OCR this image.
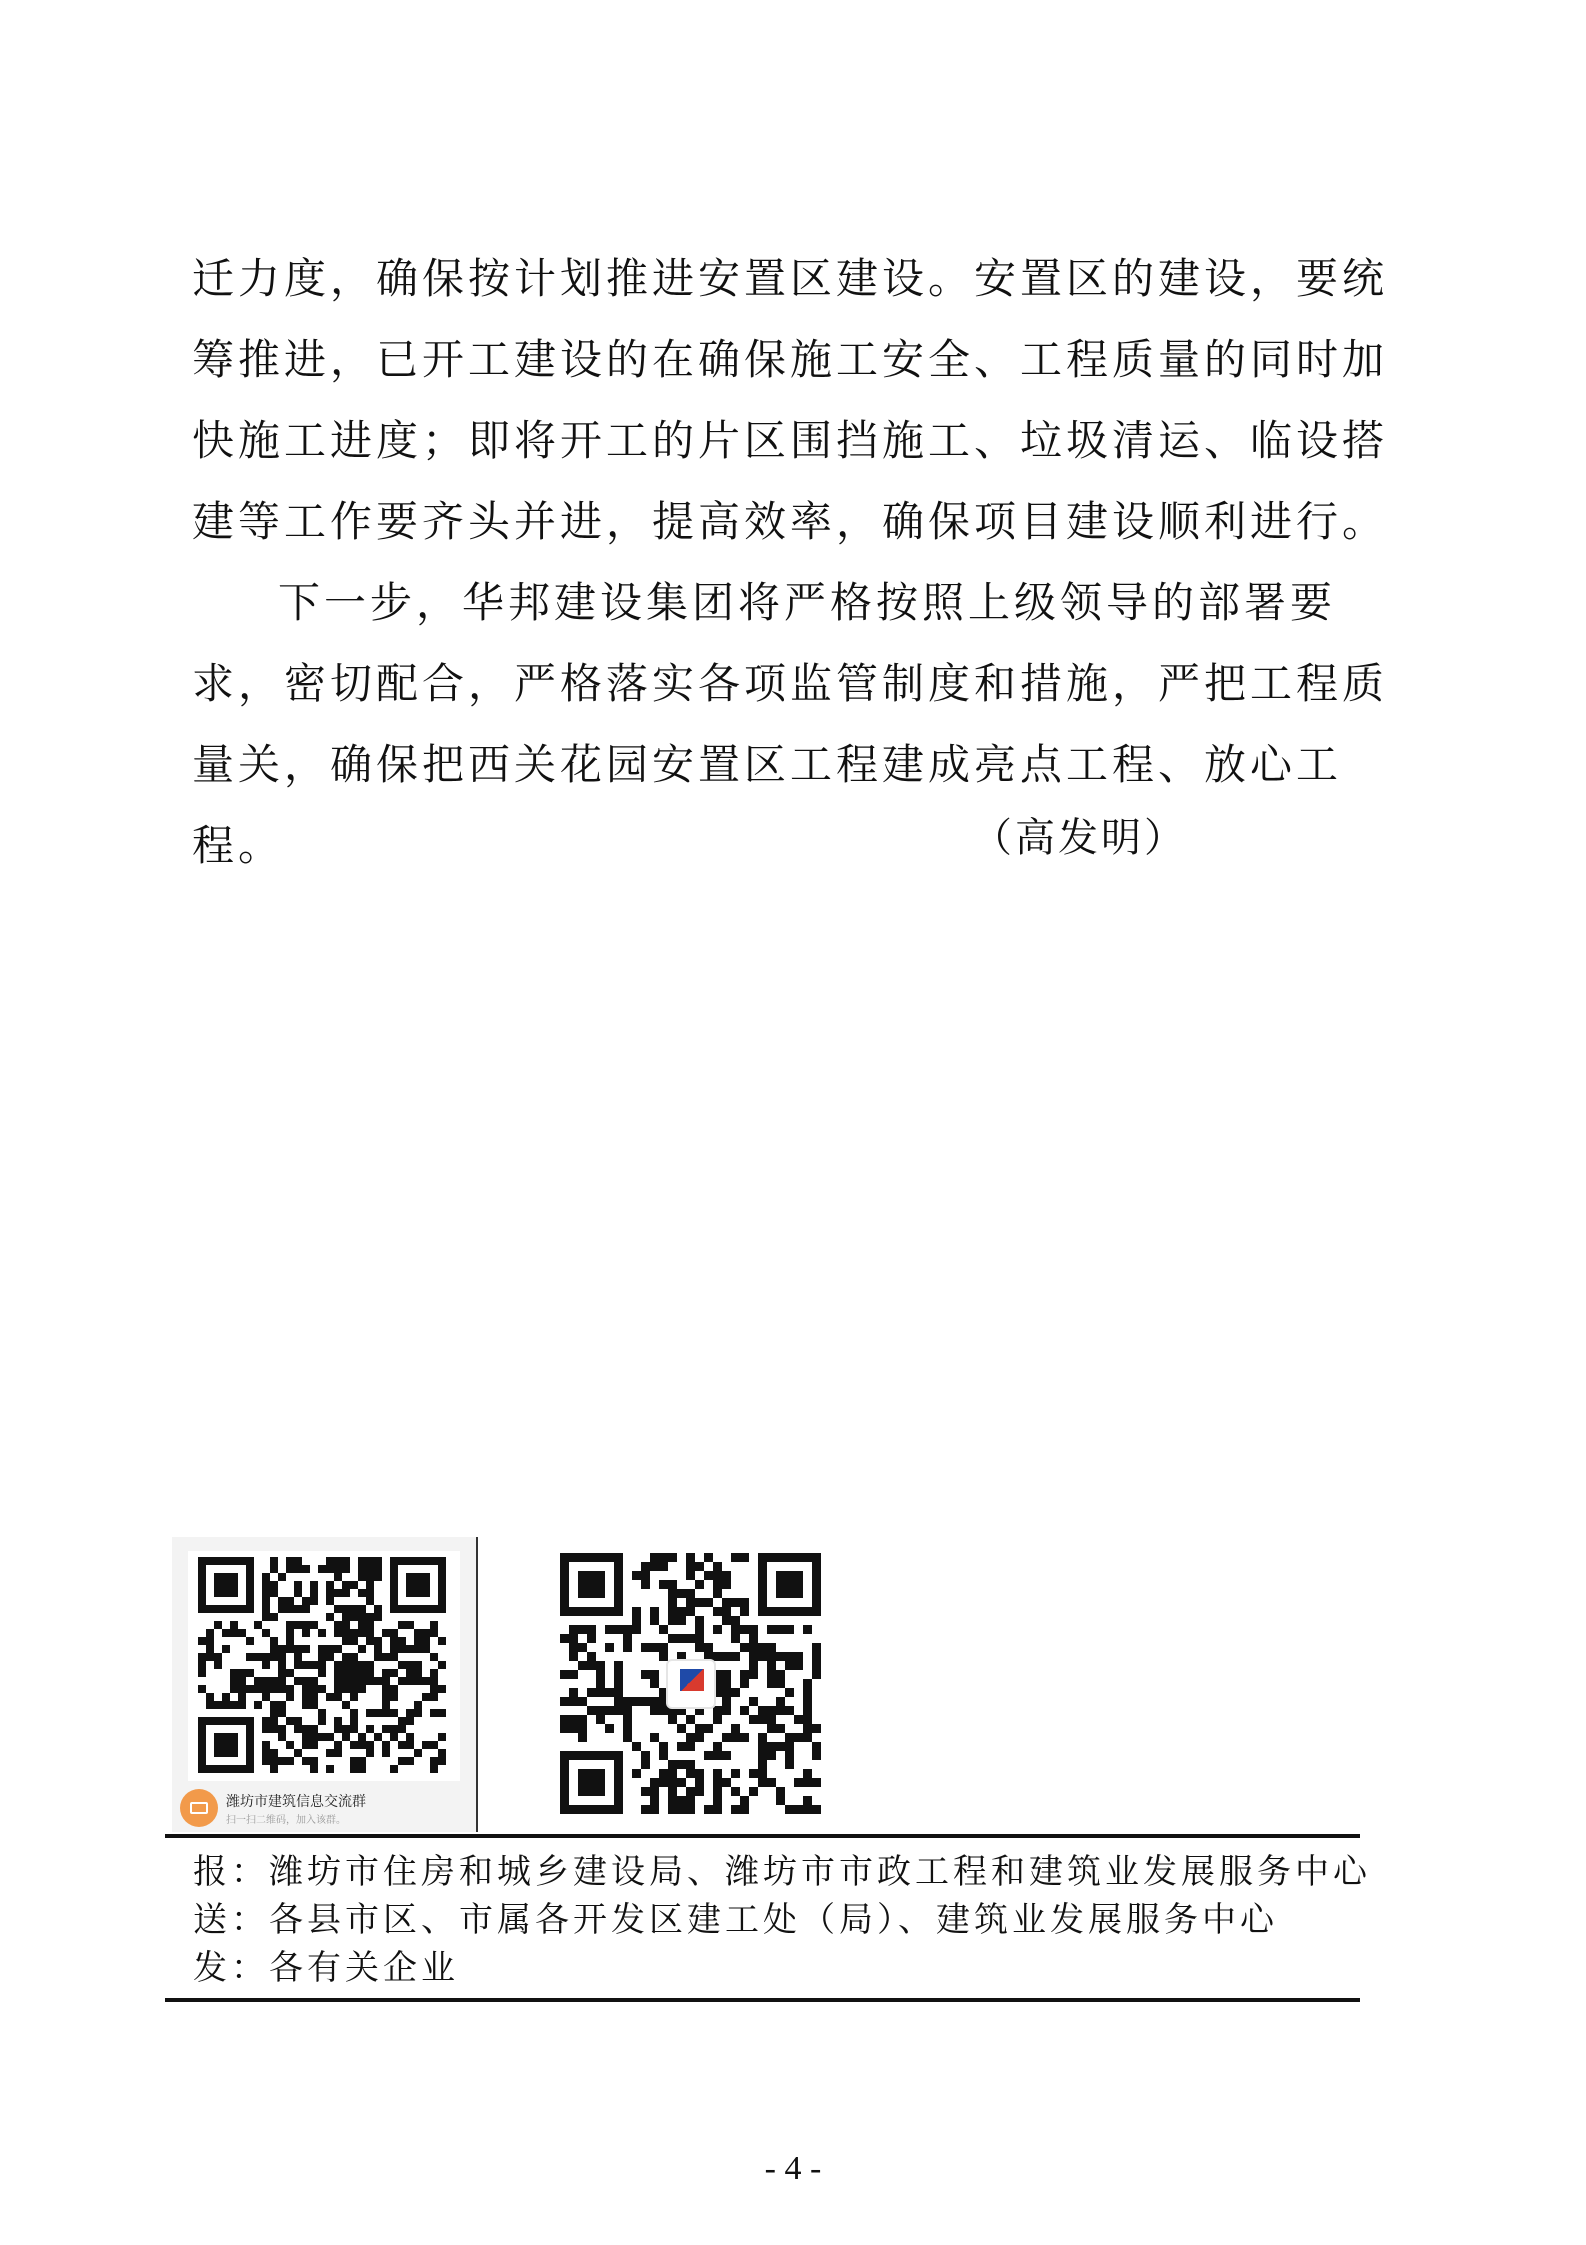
迁力度，确保按计划推进安置区建设。安置区的建设，要统筹推进，已开工建设的在确保施工安全、工程质量的同时加快施工进度；即将开工的片区围挡施工、垃圾清运、临设搭建等工作要齐头并进，提高效率，确保项目建设顺利进行。

下一步，华邦建设集团将严格按照上级领导的部署要求，密切配合，严格落实各项监管制度和措施，严把工程质量关，确保把西关花园安置区工程建成亮点工程、放心工程。	（高发明）
潍坊市建筑信息交流群
扫一扫二维码，加入该群。
报：潍坊市住房和城乡建设局、潍坊市市政工程和建筑业发展服务中心
送：各县市区、市属各开发区建工处（局）、建筑业发展服务中心
发：各有关企业
- 4 -
